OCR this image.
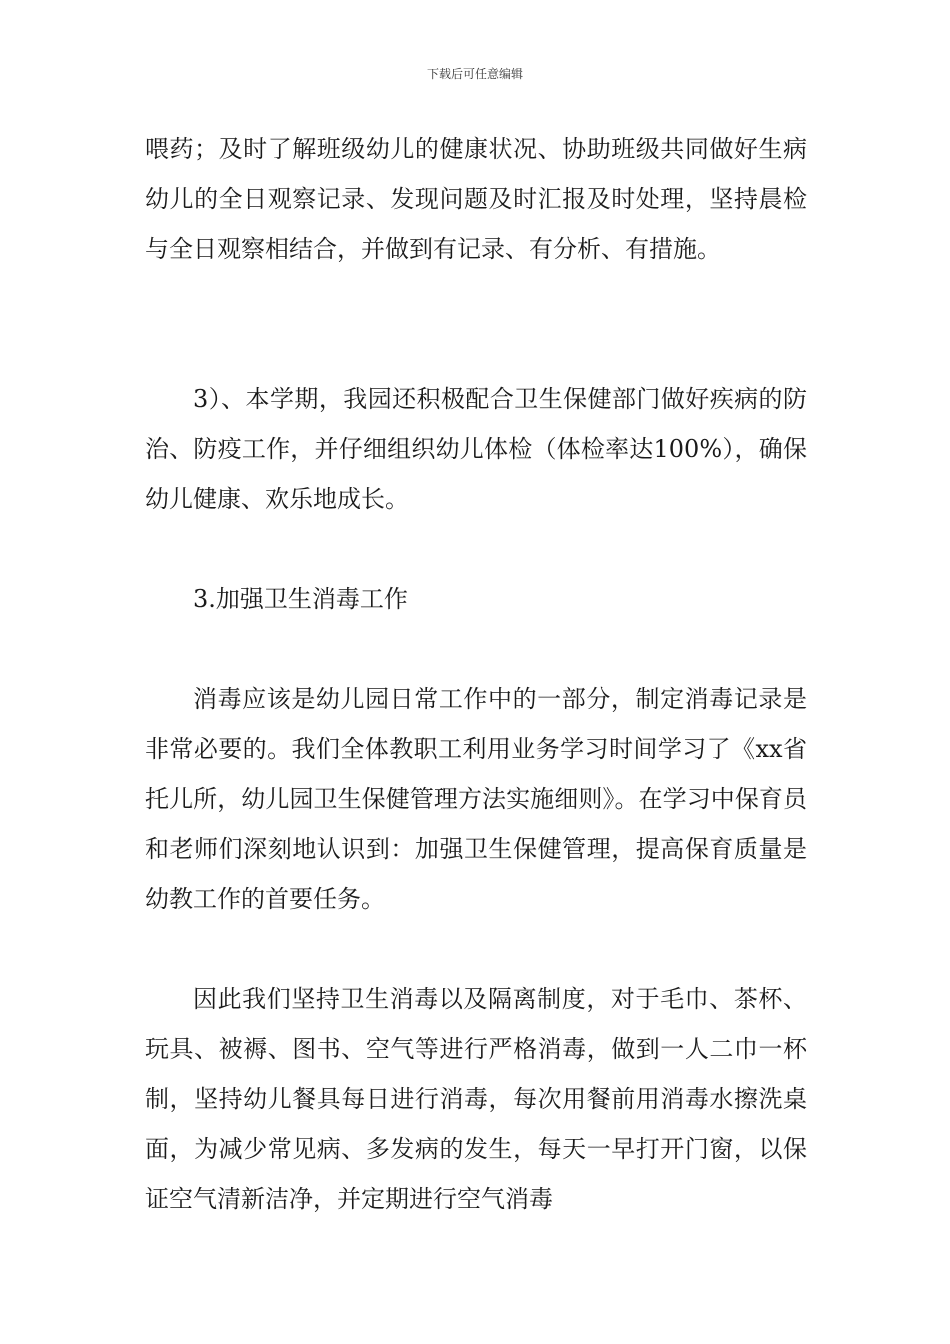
下载后可任意编辑

喂药；及时了解班级幼儿的健康状况、协助班级共同做好生病幼儿的全日观察记录、发现问题及时汇报及时处理，坚持晨检与全日观察相结合，并做到有记录、有分析、有措施。

3）、本学期，我园还积极配合卫生保健部门做好疾病的防治、防疫工作，并仔细组织幼儿体检（体检率达100%），确保幼儿健康、欢乐地成长。

3.加强卫生消毒工作

消毒应该是幼儿园日常工作中的一部分，制定消毒记录是非常必要的。我们全体教职工利用业务学习时间学习了《xx省托儿所，幼儿园卫生保健管理方法实施细则》。在学习中保育员和老师们深刻地认识到：加强卫生保健管理，提高保育质量是幼教工作的首要任务。

因此我们坚持卫生消毒以及隔离制度，对于毛巾、茶杯、玩具、被褥、图书、空气等进行严格消毒，做到一人二巾一杯制，坚持幼儿餐具每日进行消毒，每次用餐前用消毒水擦洗桌面，为减少常见病、多发病的发生，每天一早打开门窗，以保证空气清新洁净，并定期进行空气消毒
